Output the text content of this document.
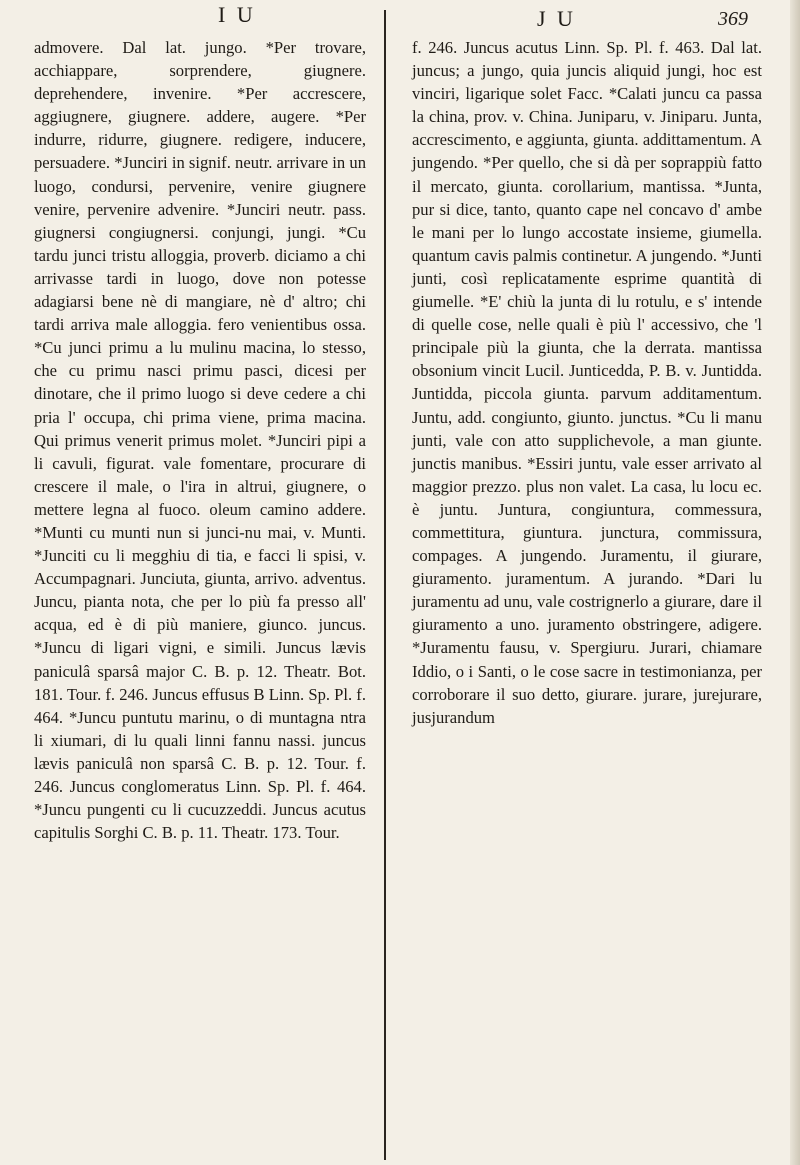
I U	J U	369

admovere. Dal lat. jungo. *Per trovare, acchiappare, sorprendere, giugnere. deprehendere, invenire. *Per accrescere, aggiugnere, giugnere. addere, augere. *Per indurre, ridurre, giugnere. redigere, inducere, persuadere. *Junciri in signif. neutr. arrivare in un luogo, condursi, pervenire, venire giugnere venire, pervenire advenire. *Junciri neutr. pass. giugnersi congiugnersi. conjungi, jungi. *Cu tardu junci tristu alloggia, proverb. diciamo a chi arrivasse tardi in luogo, dove non potesse adagiarsi bene nè di mangiare, nè d' altro; chi tardi arriva male alloggia. fero venientibus ossa. *Cu junci primu a lu mulinu macina, lo stesso, che cu primu nasci primu pasci, dicesi per dinotare, che il primo luogo si deve cedere a chi pria l' occupa, chi prima viene, prima macina. Qui primus venerit primus molet. *Junciri pipi a li cavuli, figurat. vale fomentare, procurare di crescere il male, o l'ira in altrui, giugnere, o mettere legna al fuoco. oleum camino addere. *Munti cu munti nun si junci-nu mai, v. Munti. *Junciti cu li megghiu di tia, e facci li spisi, v. Accumpagnari. Junciuta, giunta, arrivo. adventus. Juncu, pianta nota, che per lo più fa presso all' acqua, ed è di più maniere, giunco. juncus. *Juncu di ligari vigni, e simili. Juncus lævis paniculâ sparsâ major C. B. p. 12. Theatr. Bot. 181. Tour. f. 246. Juncus effusus B Linn. Sp. Pl. f. 464. *Juncu puntutu marinu, o di muntagna ntra li xiumari, di lu quali linni fannu nassi. juncus lævis paniculâ non sparsâ C. B. p. 12. Tour. f. 246. Juncus conglomeratus Linn. Sp. Pl. f. 464. *Juncu pungenti cu li cucuzzeddi. Juncus acutus capitulis Sorghi C. B. p. 11. Theatr. 173. Tour.

f. 246. Juncus acutus Linn. Sp. Pl. f. 463. Dal lat. juncus; a jungo, quia juncis aliquid jungi, hoc est vinciri, ligarique solet Facc. *Calati juncu ca passa la china, prov. v. China. Juniparu, v. Jiniparu. Junta, accrescimento, e aggiunta, giunta. addittamentum. A jungendo. *Per quello, che si dà per soprappiù fatto il mercato, giunta. corollarium, mantissa. *Junta, pur si dice, tanto, quanto cape nel concavo d' ambe le mani per lo lungo accostate insieme, giumella. quantum cavis palmis continetur. A jungendo. *Junti junti, così replicatamente esprime quantità di giumelle. *E' chiù la junta di lu rotulu, e s' intende di quelle cose, nelle quali è più l' accessivo, che 'l principale più la giunta, che la derrata. mantissa obsonium vincit Lucil. Junticedda, P. B. v. Juntidda. Juntidda, piccola giunta. parvum additamentum. Juntu, add. congiunto, giunto. junctus. *Cu li manu junti, vale con atto supplichevole, a man giunte. junctis manibus. *Essiri juntu, vale esser arrivato al maggior prezzo. plus non valet. La casa, lu locu ec. è juntu. Juntura, congiuntura, commessura, commettitura, giuntura. junctura, commissura, compages. A jungendo. Juramentu, il giurare, giuramento. juramentum. A jurando. *Dari lu juramentu ad unu, vale costrignerlo a giurare, dare il giuramento a uno. juramento obstringere, adigere. *Juramentu fausu, v. Spergiuru. Jurari, chiamare Iddio, o i Santi, o le cose sacre in testimonianza, per corroborare il suo detto, giurare. jurare, jurejurare, jusjurandum
